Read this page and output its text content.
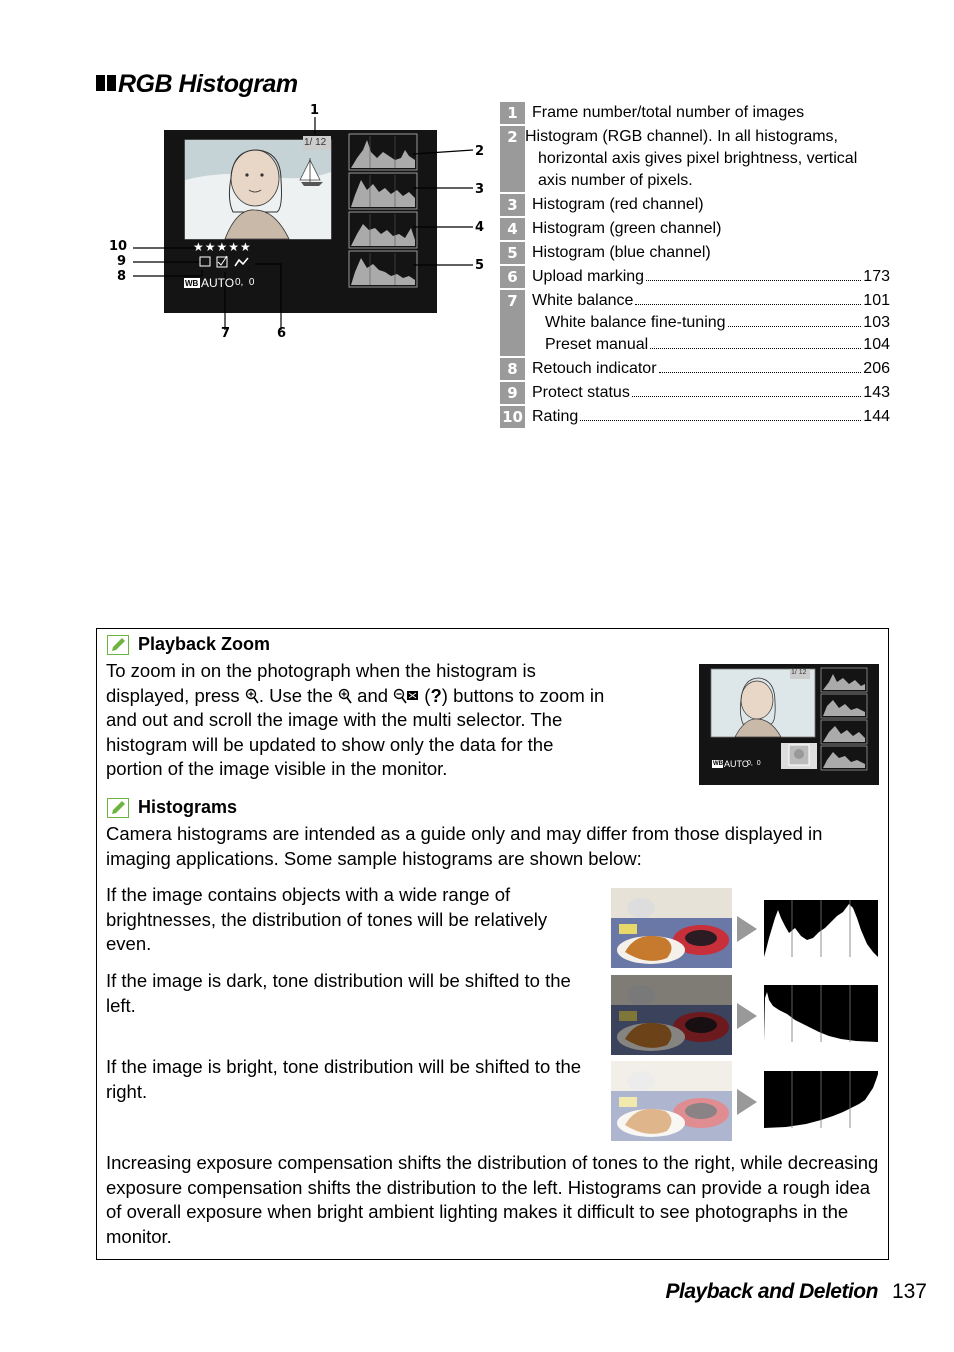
RGB Histogram
1
2
3
4
5
6
7
8
9
10
1/ 12
★★★★★
WB AUTO 0,  0
1 Frame number/total number of images
2 Histogram (RGB channel). In all histograms, horizontal axis gives pixel brightness, vertical axis number of pixels.
3 Histogram (red channel)
4 Histogram (green channel)
5 Histogram (blue channel)
6 Upload marking	173
7 White balance	101
White balance fine-tuning	103
Preset manual	104
8 Retouch indicator	206
9 Protect status	143
10 Rating	144
Playback Zoom
To zoom in on the photograph when the histogram is displayed, press . Use the  and  (?) buttons to zoom in and out and scroll the image with the multi selector. The histogram will be updated to show only the data for the portion of the image visible in the monitor.
1/ 12
WB AUTO
0,  0
Histograms
Camera histograms are intended as a guide only and may differ from those displayed in imaging applications. Some sample histograms are shown below:
If the image contains objects with a wide range of brightnesses, the distribution of tones will be relatively even.
If the image is dark, tone distribution will be shifted to the left.
If the image is bright, tone distribution will be shifted to the right.
Increasing exposure compensation shifts the distribution of tones to the right, while decreasing exposure compensation shifts the distribution to the left. Histograms can provide a rough idea of overall exposure when bright ambient lighting makes it difficult to see photographs in the monitor.
Playback and Deletion 137
